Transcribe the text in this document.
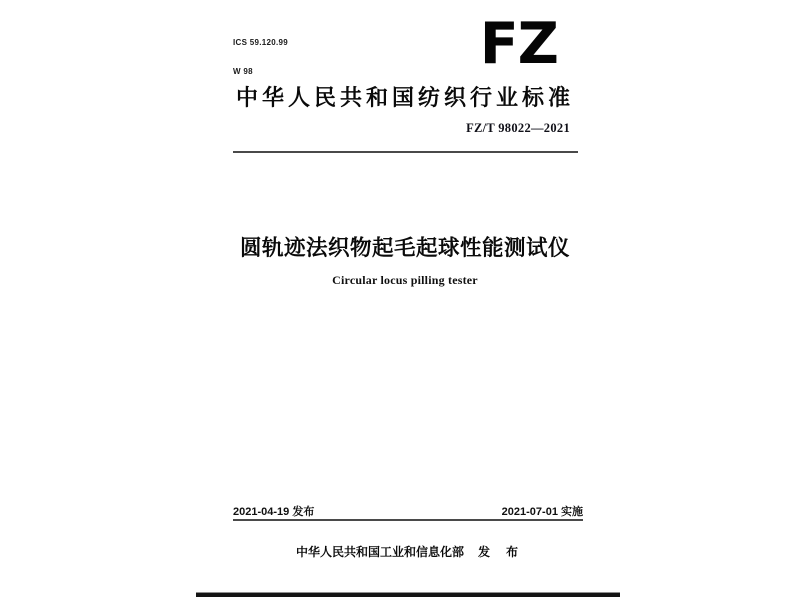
ICS 59.120.99

W 98

	FZ
中华人民共和国纺织行业标准
FZ/T 98022—2021
圆轨迹法织物起毛起球性能测试仪
Circular locus pilling tester
2021-04-19 发布	2021-07-01 实施
中华人民共和国工业和信息化部 发　布
